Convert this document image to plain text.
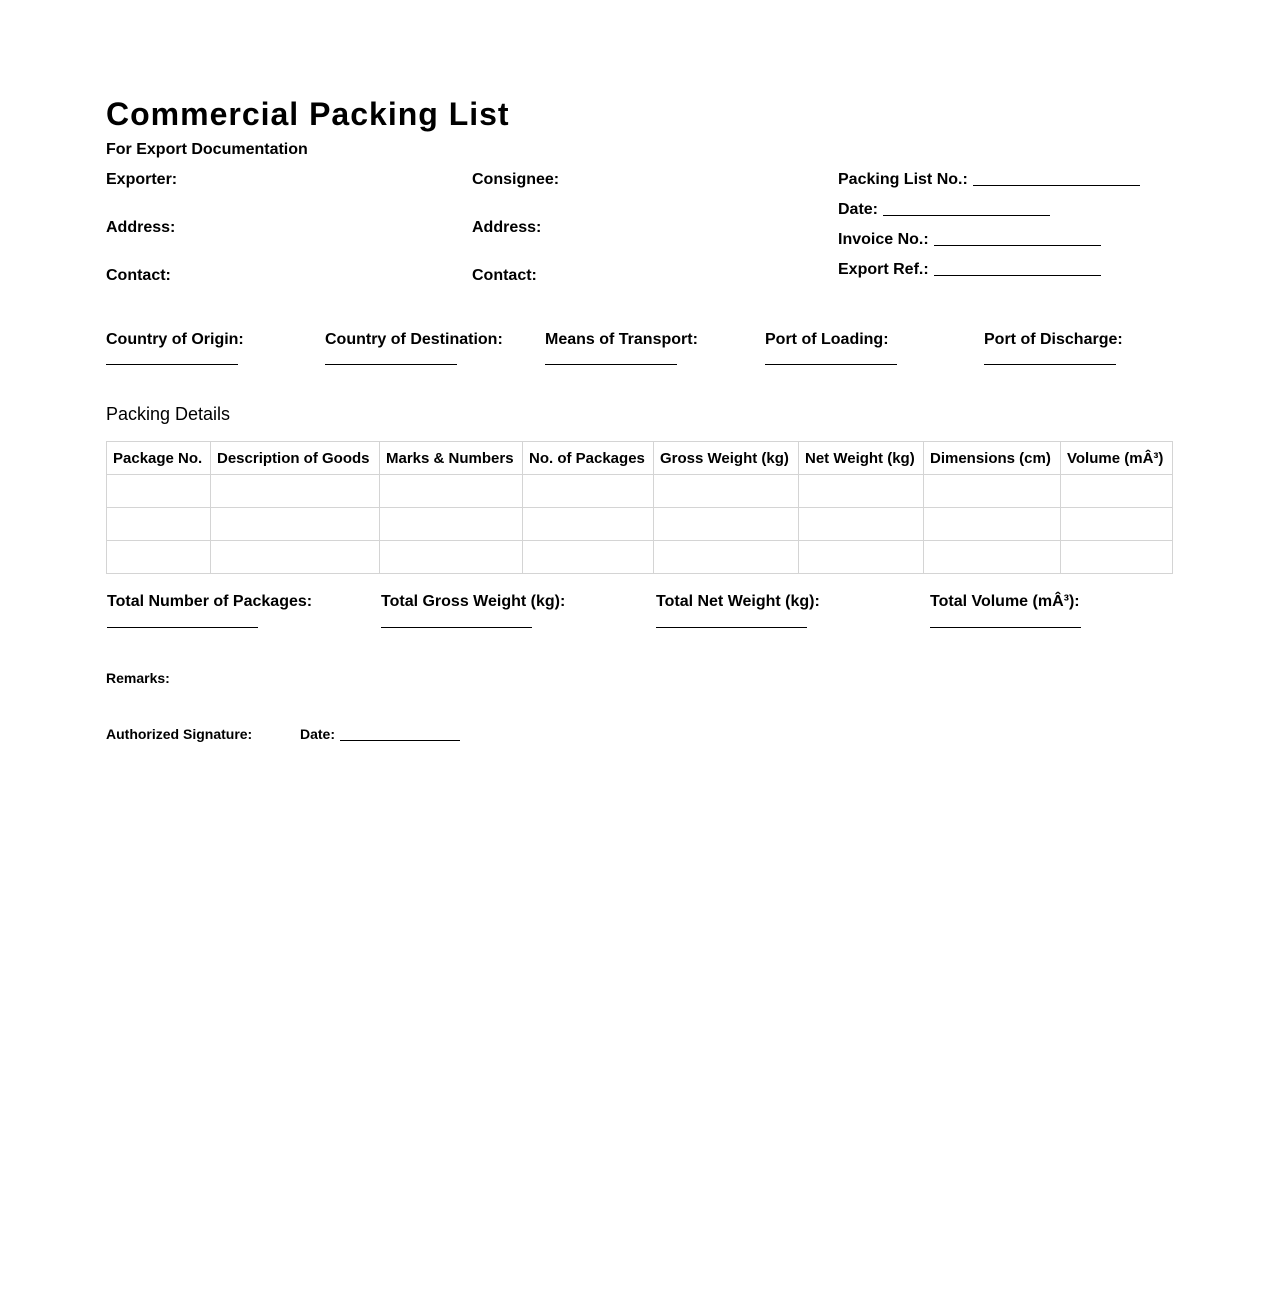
Commercial Packing List
For Export Documentation
Exporter:
Address:
Contact:
Consignee:
Address:
Contact:
Packing List No.:
Date:
Invoice No.:
Export Ref.:
Country of Origin:	Country of Destination:	Means of Transport:	Port of Loading:	Port of Discharge:
Packing Details
Package No.	Description of Goods	Marks & Numbers	No. of Packages	Gross Weight (kg)	Net Weight (kg)	Dimensions (cm)	Volume (mÂ³)

Total Number of Packages:	Total Gross Weight (kg):	Total Net Weight (kg):	Total Volume (mÂ³):
Remarks:
Authorized Signature:	Date:
